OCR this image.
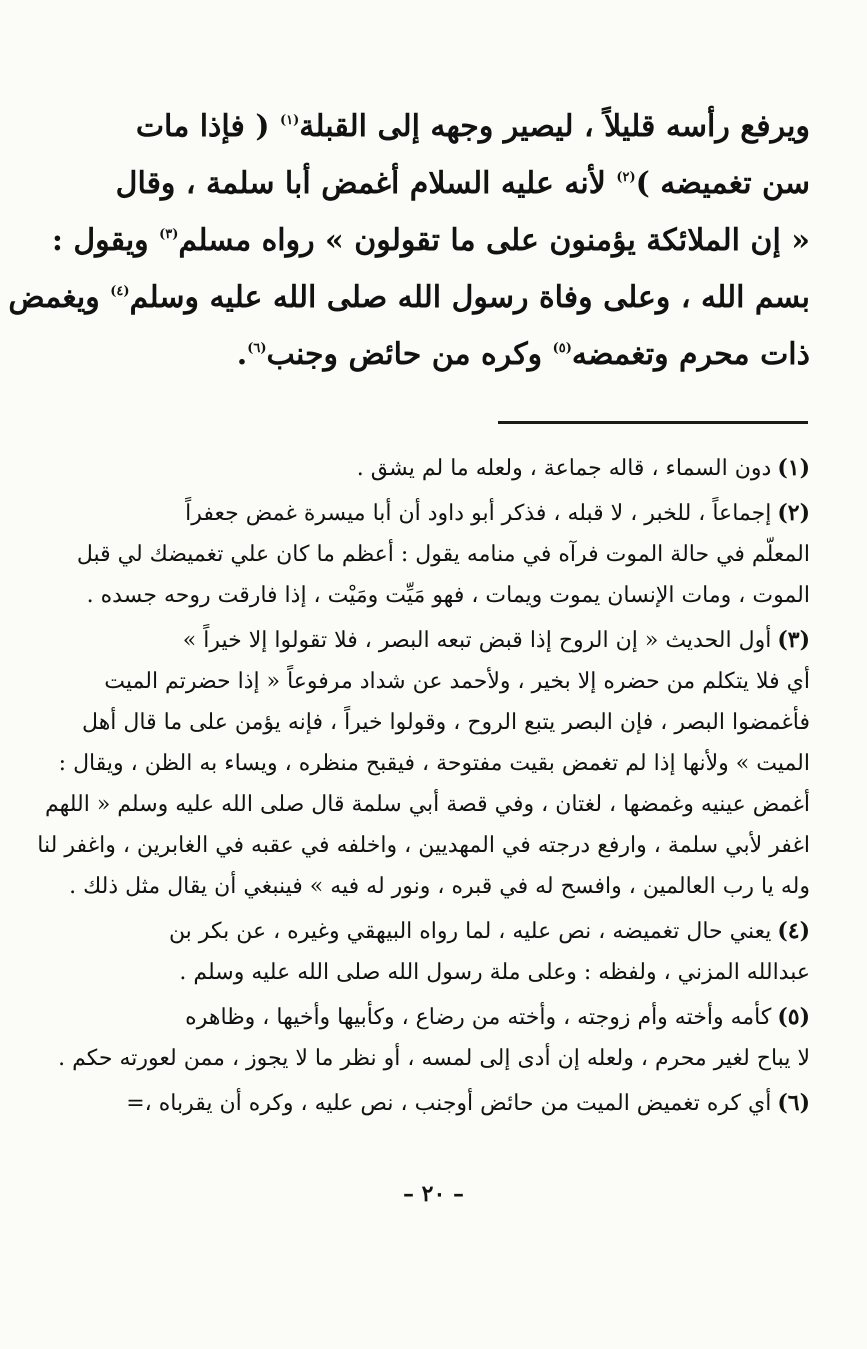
ويرفع رأسه قليلاً ، ليصير وجهه إلى القبلة$^{(١)}$ ( فإذا مات
سن تغميضه )$^{(٢)}$ لأنه عليه السلام أغمض أبا سلمة ، وقال
« إن الملائكة يؤمنون على ما تقولون » رواه مسلم$^{(٣)}$ ويقول :
بسم الله ، وعلى وفاة رسول الله صلى الله عليه وسلم$^{(٤)}$ ويغمض
ذات محرم وتغمضه$^{(٥)}$ وكره من حائض وجنب$^{(٦)}$.
(١)دون السماء ، قاله جماعة ، ولعله ما لم يشق .
(٢)إجماعاً ، للخبر ، لا قبله ، فذكر أبو داود أن أبا ميسرة غمض جعفراً
المعلّم في حالة الموت فرآه في منامه يقول : أعظم ما كان علي تغميضك لي قبل
الموت ، ومات الإنسان يموت ويمات ، فهو مَيِّت ومَيْت ، إذا فارقت روحه جسده .
(٣)أول الحديث « إن الروح إذا قبض تبعه البصر ، فلا تقولوا إلا خيراً »
أي فلا يتكلم من حضره إلا بخير ، ولأحمد عن شداد مرفوعاً « إذا حضرتم الميت
فأغمضوا البصر ، فإن البصر يتبع الروح ، وقولوا خيراً ، فإنه يؤمن على ما قال أهل
الميت » ولأنها إذا لم تغمض بقيت مفتوحة ، فيقبح منظره ، ويساء به الظن ، ويقال :
أغمض عينيه وغمضها ، لغتان ، وفي قصة أبي سلمة قال صلى الله عليه وسلم « اللهم
اغفر لأبي سلمة ، وارفع درجته في المهديين ، واخلفه في عقبه في الغابرين ، واغفر لنا
وله يا رب العالمين ، وافسح له في قبره ، ونور له فيه » فينبغي أن يقال مثل ذلك .
(٤)يعني حال تغميضه ، نص عليه ، لما رواه البيهقي وغيره ، عن بكر بن
عبدالله المزني ، ولفظه : وعلى ملة رسول الله صلى الله عليه وسلم .
(٥)كأمه وأخته وأم زوجته ، وأخته من رضاع ، وكأبيها وأخيها ، وظاهره
لا يباح لغير محرم ، ولعله إن أدى إلى لمسه ، أو نظر ما لا يجوز ، ممن لعورته حكم .
(٦)أي كره تغميض الميت من حائض أوجنب ، نص عليه ، وكره أن يقرباه ،=
– ٢٠ –
